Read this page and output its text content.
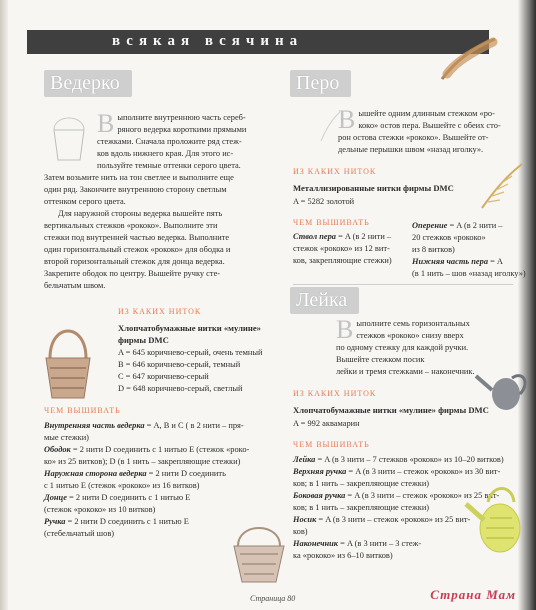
всякая всячина
Ведерко
Выполните внутреннюю часть сереб-
ряного ведерка короткими прямыми
стежками. Сначала проложите ряд стеж-
ков вдоль нижнего края. Для этого ис-
пользуйте темные оттенки серого цвета.
Затем возьмите нить на тон светлее и выполните еще
один ряд. Закончите внутреннюю сторону светлым
оттенком серого цвета.
Для наружной стороны ведерка вышейте пять
вертикальных стежков «рококо». Выполните эти
стежки под внутренней частью ведерка. Выполните
один горизонтальный стежок «рококо» для ободка и
второй горизонтальный стежок для донца ведерка.
Закрепите ободок по центру. Вышейте ручку сте-
бельчатым швом.
ИЗ КАКИХ НИТОК
Хлопчатобумажные нитки «мулине» фирмы DMC
A = 645 коричнево-серый, очень темный
B = 646 коричнево-серый, темный
C = 647 коричнево-серый
D = 648 коричнево-серый, светлый
ЧЕМ ВЫШИВАТЬ
Внутренняя часть ведерка = A, B и C ( в 2 нити – пря-
мые стежки)
Ободок = 2 нити D соединить с 1 нитью Е (стежок «роко-
ко» из 25 витков); D (в 1 нить – закрепляющие стежки)
Наружная сторона ведерка = 2 нити D соединить
с 1 нитью Е (стежок «рококо» из 16 витков)
Донце = 2 нити D соединить с 1 нитью Е
(стежок «рококо» из 10 витков)
Ручка = 2 нити D соединить с 1 нитью Е
(стебельчатый шов)
Перо
Вышейте одним длинным стежком «ро-
коко» остов пера. Вышейте с обеих сто-
рон остова стежки «рококо». Вышейте от-
дельные перышки швом «назад иголку».
ИЗ КАКИХ НИТОК
Металлизированные нитки фирмы DMC
A = 5282 золотой
ЧЕМ ВЫШИВАТЬ
Ствол пера = A (в 2 нити –
стежок «рококо» из 12 вит-
ков, закрепляющие стежки)
Оперение = A (в 2 нити –
20 стежков «рококо»
из 8 витков)
Нижняя часть пера = A
(в 1 нить – шов «назад иголку»)
Лейка
Выполните семь горизонтальных
стежков «рококо» снизу вверх
по одному стежку для каждой ручки.
Вышейте стежком посик
лейки и тремя стежками – наконечник.
ИЗ КАКИХ НИТОК
Хлопчатобумажные нитки «мулине» фирмы DMC
A = 992 аквамарин
ЧЕМ ВЫШИВАТЬ
Лейка = A (в 3 нити – 7 стежков «рококо» из 10–20 витков)
Верхняя ручка = A (в 3 нити – стежок «рококо» из 30 вит-
ков; в 1 нить – закрепляющие стежки)
Боковая ручка = A (в 3 нити – стежок «рококо» из 25 вит-
ков; в 1 нить – закрепляющие стежки)
Носик = A (в 3 нити – стежок «рококо» из 25 вит-
ков)
Наконечник = A (в 3 нити – 3 стеж-
ка «рококо» из 6–10 витков)
Страница 80	Страна Мам
